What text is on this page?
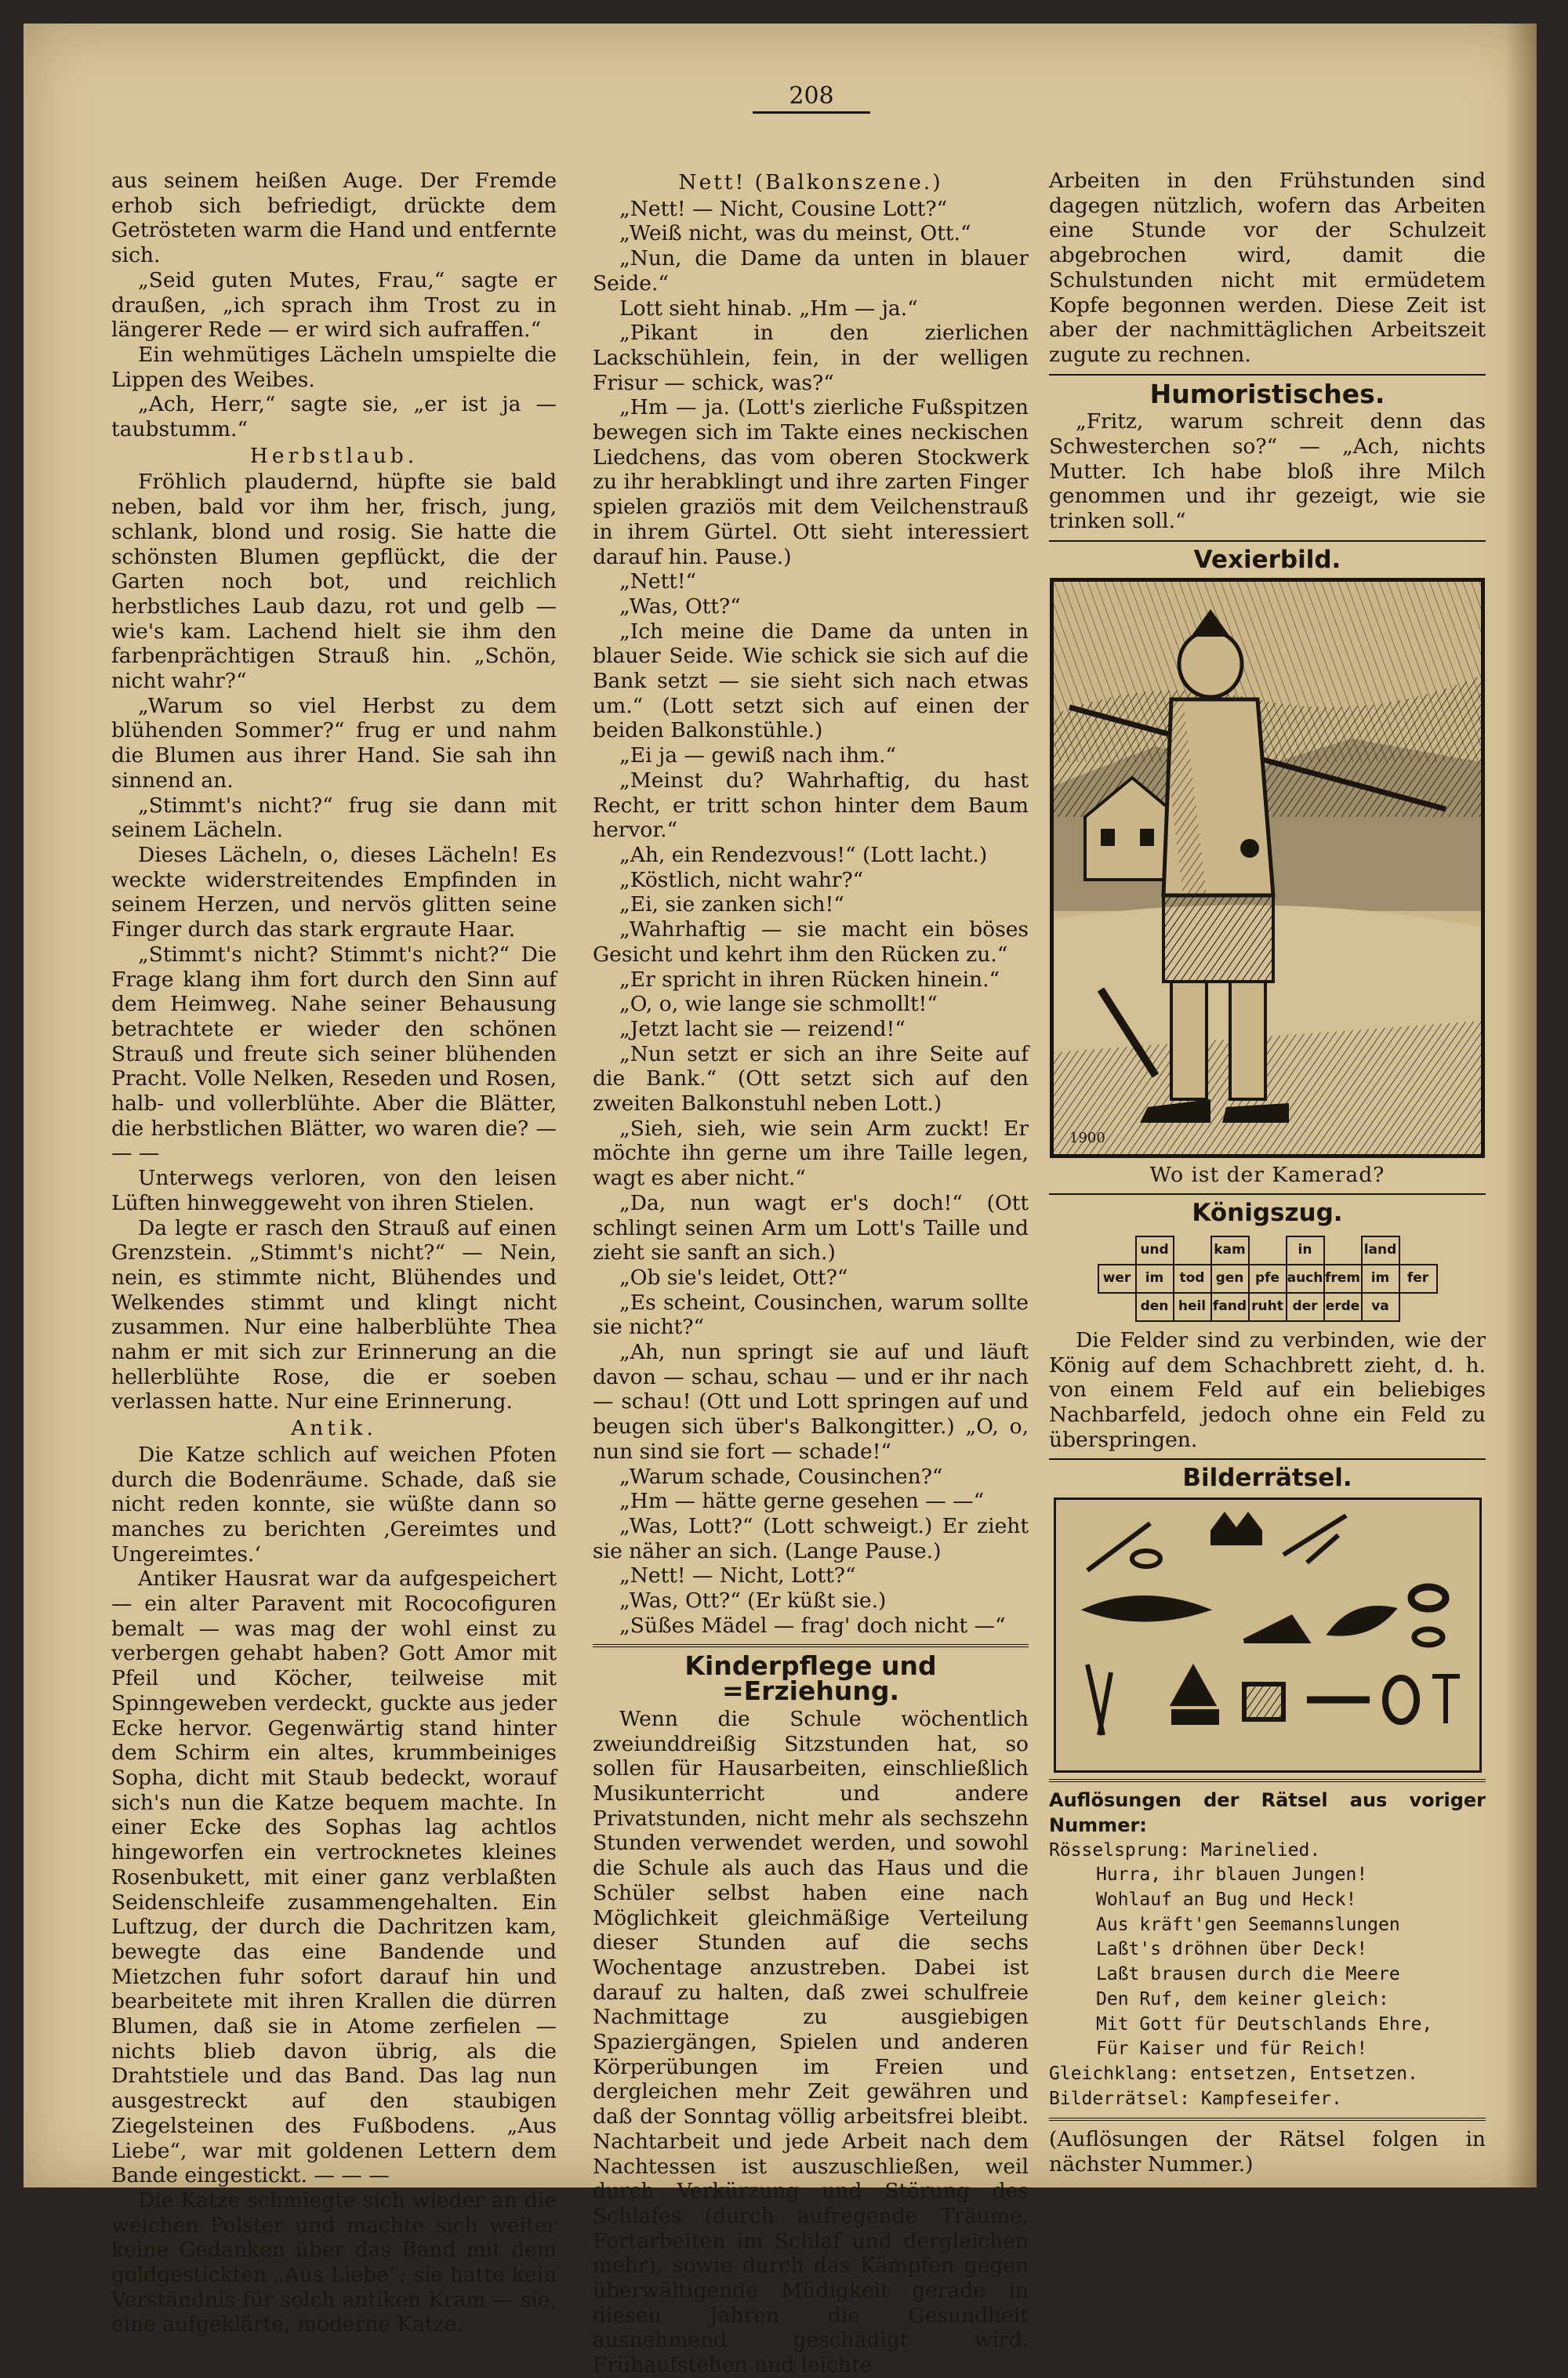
208

aus seinem heißen Auge. Der Fremde erhob sich befriedigt, drückte dem Getrösteten warm die Hand und entfernte sich.

„Seid guten Mutes, Frau,“ sagte er draußen, „ich sprach ihm Trost zu in längerer Rede — er wird sich aufraffen.“

Ein wehmütiges Lächeln umspielte die Lippen des Weibes.

„Ach, Herr,“ sagte sie, „er ist ja — taubstumm.“

Herbstlaub.

Fröhlich plaudernd, hüpfte sie bald neben, bald vor ihm her, frisch, jung, schlank, blond und rosig. Sie hatte die schönsten Blumen gepflückt, die der Garten noch bot, und reichlich herbstliches Laub dazu, rot und gelb — wie's kam. Lachend hielt sie ihm den farbenprächtigen Strauß hin. „Schön, nicht wahr?“

„Warum so viel Herbst zu dem blühenden Sommer?“ frug er und nahm die Blumen aus ihrer Hand. Sie sah ihn sinnend an.

„Stimmt's nicht?“ frug sie dann mit seinem Lächeln.

Dieses Lächeln, o, dieses Lächeln! Es weckte widerstreitendes Empfinden in seinem Herzen, und nervös glitten seine Finger durch das stark ergraute Haar.

„Stimmt's nicht? Stimmt's nicht?“ Die Frage klang ihm fort durch den Sinn auf dem Heimweg. Nahe seiner Behausung betrachtete er wieder den schönen Strauß und freute sich seiner blühenden Pracht. Volle Nelken, Reseden und Rosen, halb- und vollerblühte. Aber die Blätter, die herbstlichen Blätter, wo waren die? — — —

Unterwegs verloren, von den leisen Lüften hinweggeweht von ihren Stielen.

Da legte er rasch den Strauß auf einen Grenzstein. „Stimmt's nicht?“ — Nein, nein, es stimmte nicht, Blühendes und Welkendes stimmt und klingt nicht zusammen. Nur eine halberblühte Thea nahm er mit sich zur Erinnerung an die hellerblühte Rose, die er soeben verlassen hatte. Nur eine Erinnerung.

Antik.

Die Katze schlich auf weichen Pfoten durch die Bodenräume. Schade, daß sie nicht reden konnte, sie wüßte dann so manches zu berichten ‚Gereimtes und Ungereimtes.‘

Antiker Hausrat war da aufgespeichert — ein alter Paravent mit Rococofiguren bemalt — was mag der wohl einst zu verbergen gehabt haben? Gott Amor mit Pfeil und Köcher, teilweise mit Spinngeweben verdeckt, guckte aus jeder Ecke hervor. Gegenwärtig stand hinter dem Schirm ein altes, krummbeiniges Sopha, dicht mit Staub bedeckt, worauf sich's nun die Katze bequem machte. In einer Ecke des Sophas lag achtlos hingeworfen ein vertrocknetes kleines Rosenbukett, mit einer ganz verblaßten Seidenschleife zusammengehalten. Ein Luftzug, der durch die Dachritzen kam, bewegte das eine Bandende und Mietzchen fuhr sofort darauf hin und bearbeitete mit ihren Krallen die dürren Blumen, daß sie in Atome zerfielen — nichts blieb davon übrig, als die Drahtstiele und das Band. Das lag nun ausgestreckt auf den staubigen Ziegelsteinen des Fußbodens. „Aus Liebe“, war mit goldenen Lettern dem Bande eingestickt. — — —

Die Katze schmiegte sich wieder an die weichen Polster und machte sich weiter keine Gedanken über das Band mit dem goldgestickten „Aus Liebe“; sie hatte kein Verständnis für solch antiken Kram — sie, eine aufgeklärte, moderne Katze.

Nett! (Balkonszene.)

„Nett! — Nicht, Cousine Lott?“

„Weiß nicht, was du meinst, Ott.“

„Nun, die Dame da unten in blauer Seide.“

Lott sieht hinab. „Hm — ja.“

„Pikant in den zierlichen Lackschühlein, fein, in der welligen Frisur — schick, was?“

„Hm — ja. (Lott's zierliche Fußspitzen bewegen sich im Takte eines neckischen Liedchens, das vom oberen Stockwerk zu ihr herabklingt und ihre zarten Finger spielen graziös mit dem Veilchenstrauß in ihrem Gürtel. Ott sieht interessiert darauf hin. Pause.)

„Nett!“

„Was, Ott?“

„Ich meine die Dame da unten in blauer Seide. Wie schick sie sich auf die Bank setzt — sie sieht sich nach etwas um.“ (Lott setzt sich auf einen der beiden Balkonstühle.)

„Ei ja — gewiß nach ihm.“

„Meinst du? Wahrhaftig, du hast Recht, er tritt schon hinter dem Baum hervor.“

„Ah, ein Rendezvous!“ (Lott lacht.)

„Köstlich, nicht wahr?“

„Ei, sie zanken sich!“

„Wahrhaftig — sie macht ein böses Gesicht und kehrt ihm den Rücken zu.“

„Er spricht in ihren Rücken hinein.“

„O, o, wie lange sie schmollt!“

„Jetzt lacht sie — reizend!“

„Nun setzt er sich an ihre Seite auf die Bank.“ (Ott setzt sich auf den zweiten Balkonstuhl neben Lott.)

„Sieh, sieh, wie sein Arm zuckt! Er möchte ihn gerne um ihre Taille legen, wagt es aber nicht.“

„Da, nun wagt er's doch!“ (Ott schlingt seinen Arm um Lott's Taille und zieht sie sanft an sich.)

„Ob sie's leidet, Ott?“

„Es scheint, Cousinchen, warum sollte sie nicht?“

„Ah, nun springt sie auf und läuft davon — schau, schau — und er ihr nach — schau! (Ott und Lott springen auf und beugen sich über's Balkongitter.) „O, o, nun sind sie fort — schade!“

„Warum schade, Cousinchen?“

„Hm — hätte gerne gesehen — —“

„Was, Lott?“ (Lott schweigt.) Er zieht sie näher an sich. (Lange Pause.)

„Nett! — Nicht, Lott?“

„Was, Ott?“ (Er küßt sie.)

„Süßes Mädel — frag' doch nicht —“

Kinderpflege und =Erziehung.

Wenn die Schule wöchentlich zweiunddreißig Sitzstunden hat, so sollen für Hausarbeiten, einschließlich Musikunterricht und andere Privatstunden, nicht mehr als sechszehn Stunden verwendet werden, und sowohl die Schule als auch das Haus und die Schüler selbst haben eine nach Möglichkeit gleichmäßige Verteilung dieser Stunden auf die sechs Wochentage anzustreben. Dabei ist darauf zu halten, daß zwei schulfreie Nachmittage zu ausgiebigen Spaziergängen, Spielen und anderen Körperübungen im Freien und dergleichen mehr Zeit gewähren und daß der Sonntag völlig arbeitsfrei bleibt. Nachtarbeit und jede Arbeit nach dem Nachtessen ist auszuschließen, weil durch Verkürzung und Störung des Schlafes (durch aufregende Träume, Fortarbeiten im Schlaf und dergleichen mehr), sowie durch das Kämpfen gegen überwältigende Müdigkeit gerade in diesen Jahren die Gesundheit ausnehmend geschädigt wird. Frühaufstehen und leichte

Arbeiten in den Frühstunden sind dagegen nützlich, wofern das Arbeiten eine Stunde vor der Schulzeit abgebrochen wird, damit die Schulstunden nicht mit ermüdetem Kopfe begonnen werden. Diese Zeit ist aber der nachmittäglichen Arbeitszeit zugute zu rechnen.

Humoristisches.

„Fritz, warum schreit denn das Schwesterchen so?“ — „Ach, nichts Mutter. Ich habe bloß ihre Milch genommen und ihr gezeigt, wie sie trinken soll.“

Vexierbild.
1900
Wo ist der Kamerad?
Königszug.
	und		kam		in		land	
wer	im	tod	gen	pfe	auch	frem	im	fer
	den	heil	fand	ruht	der	erde	va	

Die Felder sind zu verbinden, wie der König auf dem Schachbrett zieht, d. h. von einem Feld auf ein beliebiges Nachbarfeld, jedoch ohne ein Feld zu überspringen.

Bilderrätsel.

Auflösungen der Rätsel aus voriger Nummer:

Rösselsprung: Marinelied.

Hurra, ihr blauen Jungen!

Wohlauf an Bug und Heck!

Aus kräft'gen Seemannslungen

Laßt's dröhnen über Deck!

Laßt brausen durch die Meere

Den Ruf, dem keiner gleich:

Mit Gott für Deutschlands Ehre,

Für Kaiser und für Reich!

Gleichklang: entsetzen, Entsetzen.

Bilderrätsel: Kampfeseifer.

(Auflösungen der Rätsel folgen in nächster Nummer.)
